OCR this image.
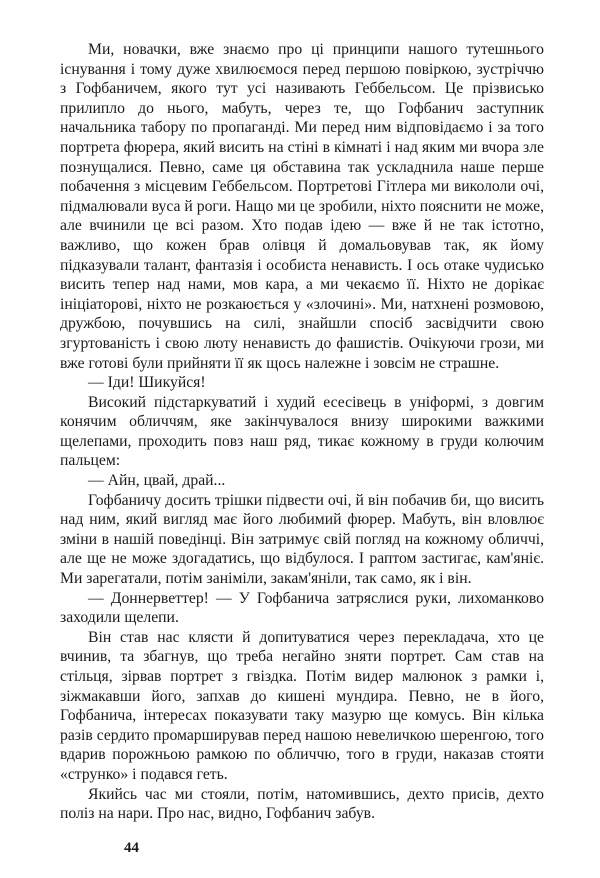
Ми, новачки, вже знаємо про ці принципи нашого тутешнього існування і тому дуже хвилюємося перед першою повіркою, зустріччю з Гофбаничем, якого тут усі називають Геббельсом. Це прізвисько прилипло до нього, мабуть, через те, що Гофбанич заступник начальника табору по пропаганді. Ми перед ним відповідаємо і за того портрета фюрера, який висить на стіні в кімнаті і над яким ми вчора зле познущалися. Певно, саме ця обставина так ускладнила наше перше побачення з місцевим Геббельсом. Портретові Гітлера ми викололи очі, підмалювали вуса й роги. Нащо ми це зробили, ніхто пояснити не може, але вчинили це всі разом. Хто подав ідею — вже й не так істотно, важливо, що кожен брав олівця й домальовував так, як йому підказували талант, фантазія і особиста ненависть. І ось отаке чудисько висить тепер над нами, мов кара, а ми чекаємо її. Ніхто не дорікає ініціаторові, ніхто не розкаюється у «злочині». Ми, натхнені розмовою, дружбою, почувшись на силі, знайшли спосіб засвідчити свою згуртованість і свою люту ненависть до фашистів. Очікуючи грози, ми вже готові були прийняти її як щось належне і зовсім не страшне.

— Іди! Шикуйся!

Високий підстаркуватий і худий есесівець в уніформі, з довгим конячим обличчям, яке закінчувалося внизу широкими важкими щелепами, проходить повз наш ряд, тикає кожному в груди колючим пальцем:

— Айн, цвай, драй...

Гофбаничу досить трішки підвести очі, й він побачив би, що висить над ним, який вигляд має його любимий фюрер. Мабуть, він вловлює зміни в нашій поведінці. Він затримує свій погляд на кожному обличчі, але ще не може здогадатись, що відбулося. І раптом застигає, кам'яніє. Ми зарегатали, потім заніміли, закам'яніли, так само, як і він.

— Доннерветтер! — У Гофбанича затряслися руки, лихоманково заходили щелепи.

Він став нас клясти й допитуватися через перекладача, хто це вчинив, та збагнув, що треба негайно зняти портрет. Сам став на стільця, зірвав портрет з гвіздка. Потім видер малюнок з рамки і, зіжмакавши його, запхав до кишені мундира. Певно, не в його, Гофбанича, інтересах показувати таку мазурю ще комусь. Він кілька разів сердито промарширував перед нашою невеличкою шеренгою, того вдарив порожньою рамкою по обличчю, того в груди, наказав стояти «струнко» і подався геть.

Якийсь час ми стояли, потім, натомившись, дехто присів, дехто поліз на нари. Про нас, видно, Гофбанич забув.

44
